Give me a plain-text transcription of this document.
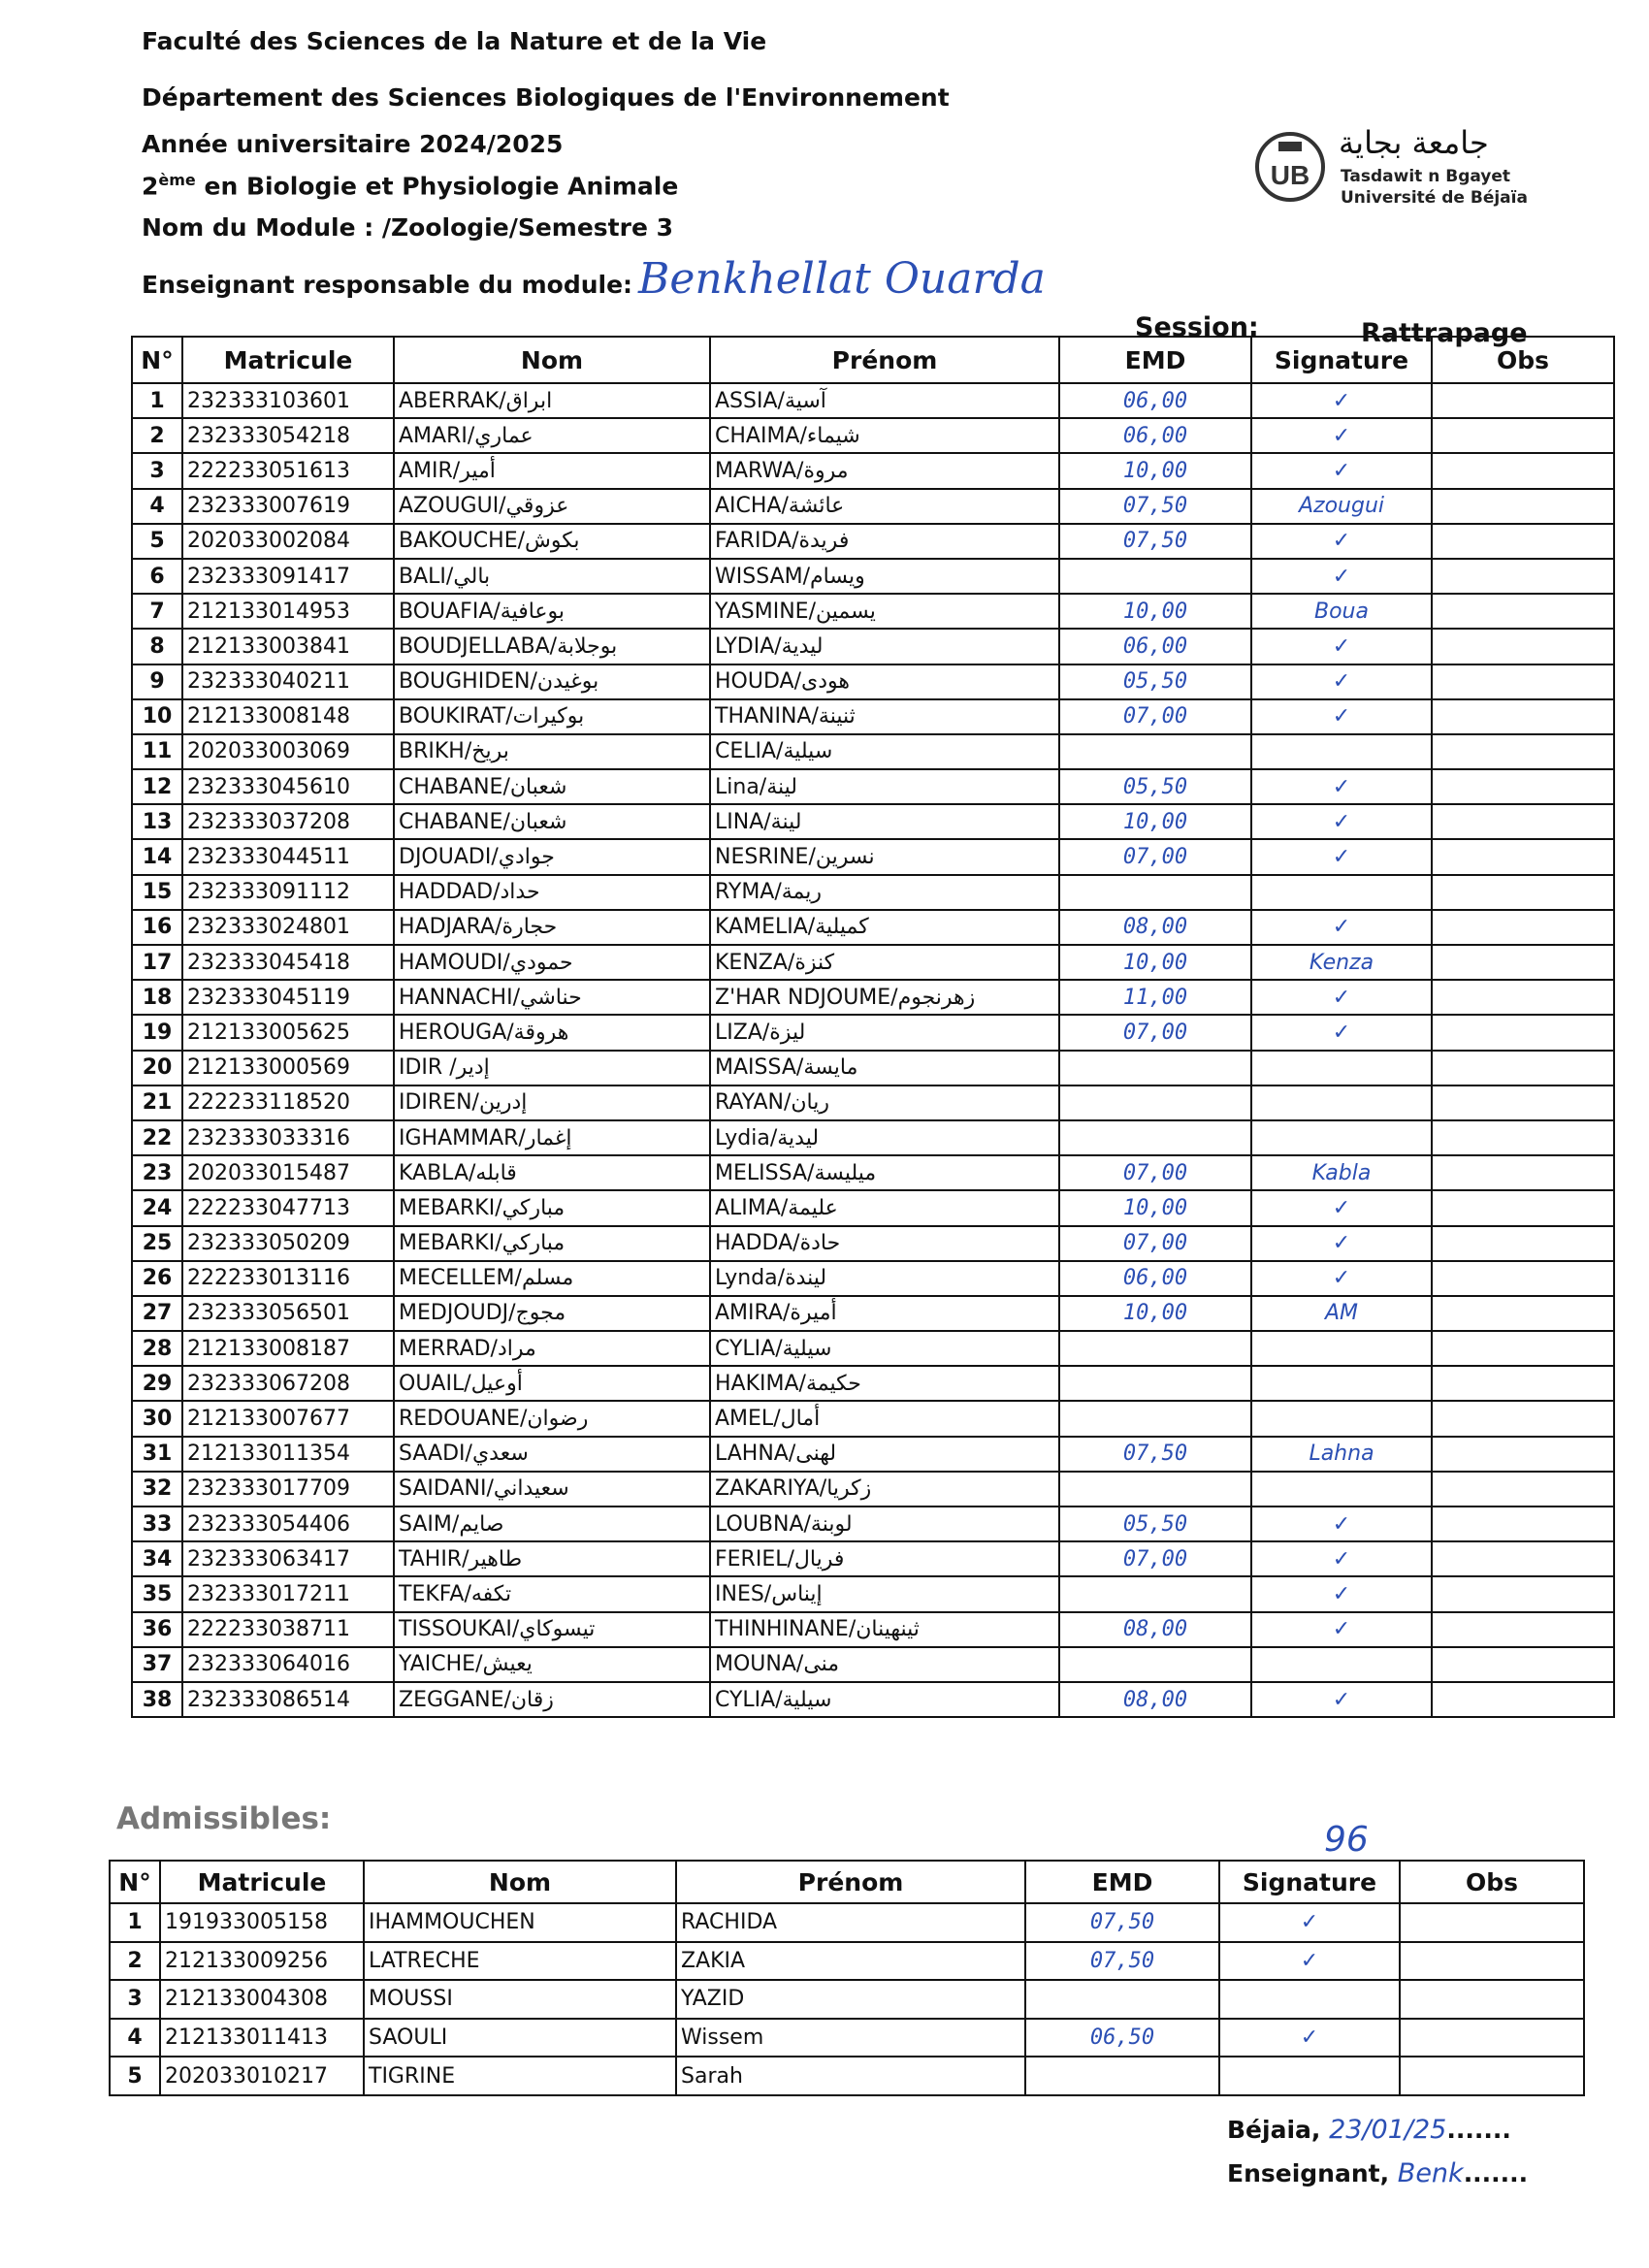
Faculté des Sciences de la Nature et de la Vie
Département des Sciences Biologiques de l'Environnement
Année universitaire 2024/2025
2ème en Biologie et Physiologie Animale
Nom du Module : /Zoologie/Semestre 3
Enseignant responsable du module: Benkhellat Ouarda
UB
جامعة بجاية
Tasdawit n Bgayet
Université de Béjaïa
Session:	Rattrapage
N°	Matricule	Nom	Prénom	EMD	Signature	Obs
1	232333103601	ABERRAK/ابراق	ASSIA/آسية	06,00	✓	
2	232333054218	AMARI/عماري	CHAIMA/شيماء	06,00	✓	
3	222233051613	AMIR/أمير	MARWA/مروة	10,00	✓	
4	232333007619	AZOUGUI/عزوقي	AICHA/عائشة	07,50	Azougui	
5	202033002084	BAKOUCHE/بكوش	FARIDA/فريدة	07,50	✓	
6	232333091417	BALI/بالي	WISSAM/ويسام		✓	
7	212133014953	BOUAFIA/بوعافية	YASMINE/يسمين	10,00	Boua	
8	212133003841	BOUDJELLABA/بوجلابة	LYDIA/ليدية	06,00	✓	
9	232333040211	BOUGHIDEN/بوغيدن	HOUDA/هودى	05,50	✓	
10	212133008148	BOUKIRAT/بوكيرات	THANINA/ثنينة	07,00	✓	
11	202033003069	BRIKH/بريخ	CELIA/سيلية			
12	232333045610	CHABANE/شعبان	Lina/لينة	05,50	✓	
13	232333037208	CHABANE/شعبان	LINA/لينة	10,00	✓	
14	232333044511	DJOUADI/جوادي	NESRINE/نسرين	07,00	✓	
15	232333091112	HADDAD/حداد	RYMA/ريمة			
16	232333024801	HADJARA/حجارة	KAMELIA/كميلية	08,00	✓	
17	232333045418	HAMOUDI/حمودي	KENZA/كنزة	10,00	Kenza	
18	232333045119	HANNACHI/حناشي	Z'HAR NDJOUME/زهرنجوم	11,00	✓	
19	212133005625	HEROUGA/هروقة	LIZA/ليزة	07,00	✓	
20	212133000569	IDIR /إدير	MAISSA/مايسة			
21	222233118520	IDIREN/إدرين	RAYAN/ريان			
22	232333033316	IGHAMMAR/إغمار	Lydia/ليدية			
23	202033015487	KABLA/قابله	MELISSA/ميليسة	07,00	Kabla	
24	222233047713	MEBARKI/مباركي	ALIMA/عليمة	10,00	✓	
25	232333050209	MEBARKI/مباركي	HADDA/حادة	07,00	✓	
26	222233013116	MECELLEM/مسلم	Lynda/ليندة	06,00	✓	
27	232333056501	MEDJOUDJ/مجوج	AMIRA/أميرة	10,00	AM	
28	212133008187	MERRAD/مراد	CYLIA/سيلية			
29	232333067208	OUAIL/أوعيل	HAKIMA/حكيمة			
30	212133007677	REDOUANE/رضوان	AMEL/أمال			
31	212133011354	SAADI/سعدي	LAHNA/لهنى	07,50	Lahna	
32	232333017709	SAIDANI/سعيداني	ZAKARIYA/زكريا			
33	232333054406	SAIM/صايم	LOUBNA/لوبنة	05,50	✓	
34	232333063417	TAHIR/طاهير	FERIEL/فريال	07,00	✓	
35	232333017211	TEKFA/تكفه	INES/إيناس		✓	
36	222233038711	TISSOUKAI/تيسوكاي	THINHINANE/ثينهينان	08,00	✓	
37	232333064016	YAICHE/يعيش	MOUNA/منى			
38	232333086514	ZEGGANE/زقان	CYLIA/سيلية	08,00	✓	
Admissibles:
96
N°	Matricule	Nom	Prénom	EMD	Signature	Obs
1	191933005158	IHAMMOUCHEN	RACHIDA	07,50	✓	
2	212133009256	LATRECHE	ZAKIA	07,50	✓	
3	212133004308	MOUSSI	YAZID			
4	212133011413	SAOULI	Wissem	06,50	✓	
5	202033010217	TIGRINE	Sarah			
Béjaia, 23/01/25.......
Enseignant, Benk.......
